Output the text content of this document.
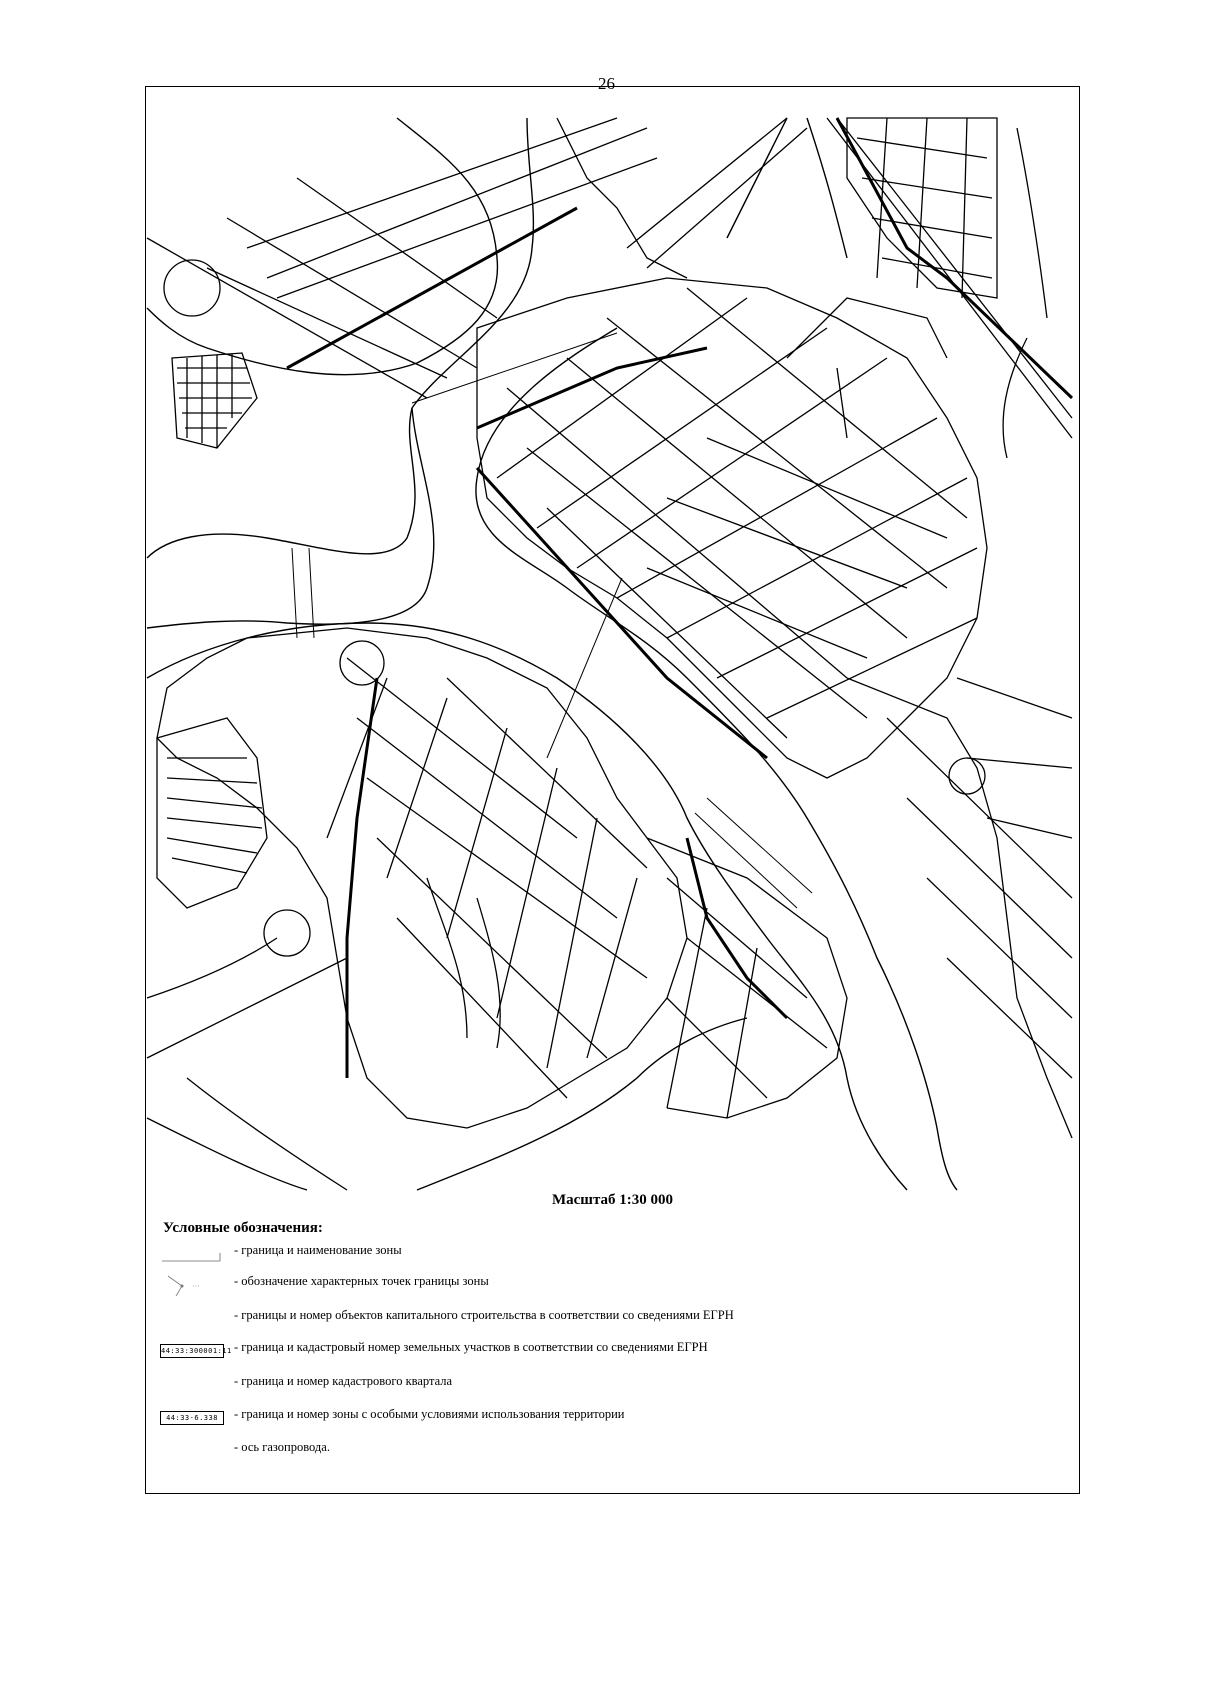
26
Масштаб 1:30 000
Условные обозначения:
- граница и наименование зоны
···	- обозначение характерных точек границы зоны
- границы и номер объектов капитального строительства в соответствии со сведениями ЕГРН
44:33:300001:11 - граница и кадастровый номер земельных участков в соответствии со сведениями ЕГРН
- граница и номер кадастрового квартала
44:33-6.338	- граница и номер зоны с особыми условиями использования территории
- ось газопровода.
